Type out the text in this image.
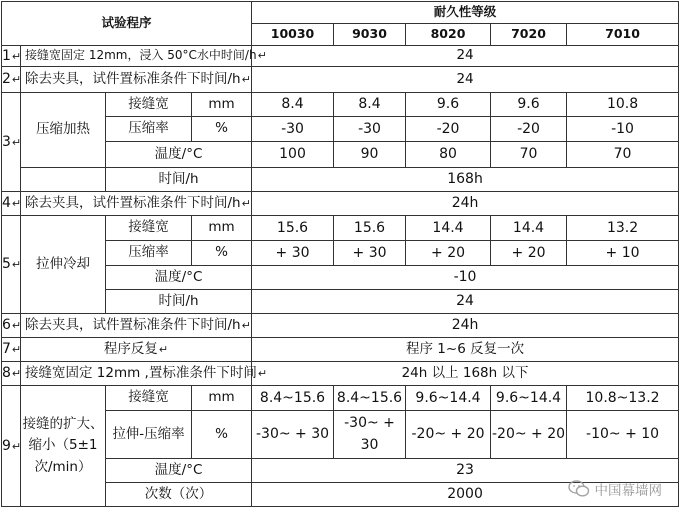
试验程序				耐久性等级				
				10030	9030	8020	7020	7010
1↵	接缝宽固定 12mm，浸入 50°C水中时间/h↵			24				
2↵	除去夹具，试件置标准条件下时间/h↵			24				
3↵	压缩加热	接缝宽	mm	8.4	8.4	9.6	9.6	10.8
		压缩率	%	-30	-30	-20	-20	-10
		温度/°C		100	90	80	70	70
		时间/h		168h				
4↵	除去夹具，试件置标准条件下时间/h↵			24h				
5↵	拉伸冷却	接缝宽	mm	15.6	15.6	14.4	14.4	13.2
		压缩率	%	+ 30	+ 30	+ 20	+ 20	+ 10
		温度/°C		-10				
		时间/h		24				
6↵	除去夹具，试件置标准条件下时间/h↵			24h				
7↵	程序反复↵			程序 1~6 反复一次				
8↵	接缝宽固定 12mm ,置标准条件下时间↵			24h 以上 168h 以下				
9↵	接缝的扩大、缩小（5±1次/min）	接缝宽	mm	8.4~15.6	8.4~15.6	9.6~14.4	9.6~14.4	10.8~13.2
		拉伸-压缩率	%	-30~ + 30	-30~ + 30	-20~ + 20	-20~ + 20	-10~ + 10

		温度/°C		23				
		次数（次）		2000					中国幕墙网
